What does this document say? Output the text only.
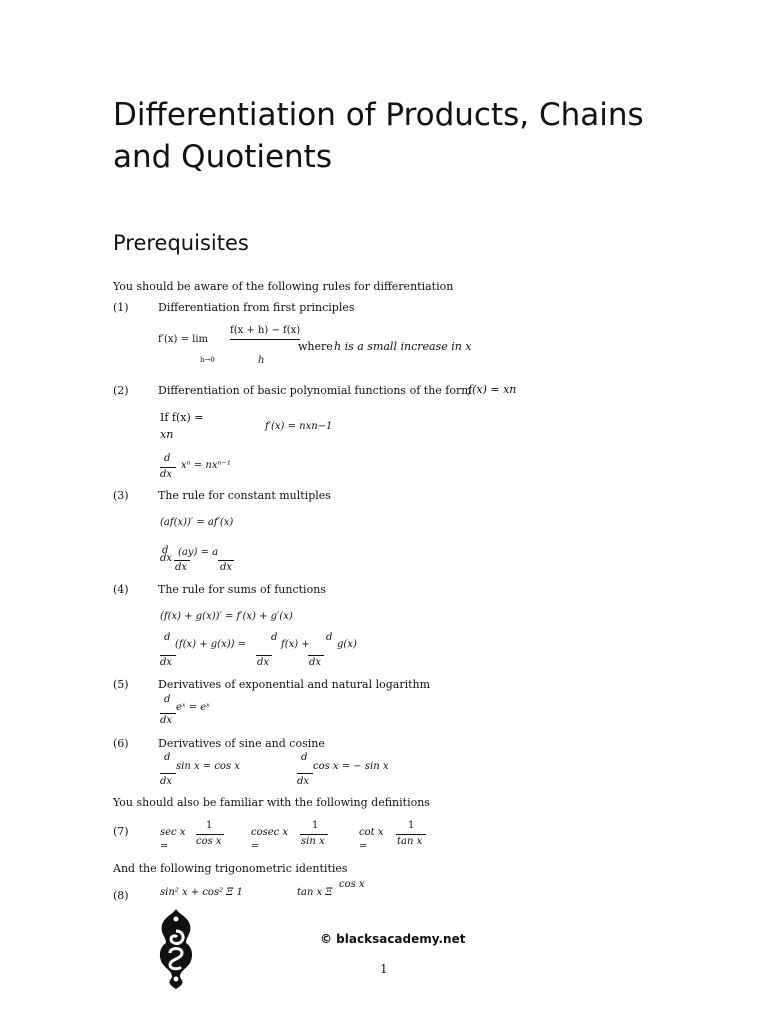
Differentiation of Products, Chains and Quotients
Prerequisites
You should be aware of the following rules for differentiation
(1)	Differentiation from first principles
f′(x) = lim
h→0
f(x + h) − f(x)
h
where h is a small increase in x
(2)	Differentiation of basic polynomial functions of the form
f(x) = xn
If f(x) =
xn
f′(x) = nxn−1
d
dx
xⁿ = nxⁿ⁻¹
(3)	The rule for constant multiples
(af(x))′ = af′(x)
d
dx
(ay) = a
dx	dx
(4)	The rule for sums of functions
(f(x) + g(x))′ = f′(x) + g′(x)
d
dx
(f(x) + g(x)) =
d
dx
f(x) +
d
dx
g(x)
(5)	Derivatives of exponential and natural logarithm
d
dx
eˣ = eˣ
(6)	Derivatives of sine and cosine
d
dx
sin x = cos x
d
dx
cos x = − sin x
You should also be familiar with the following definitions
(7)	sec x
=
1
cos x
cosec x
=
1
sin x
cot x
=
1
tan x
And the following trigonometric identities
(8)	sin² x + cos² Ξ 1	tan x Ξ
cos x
© blacksacademy.net
1
